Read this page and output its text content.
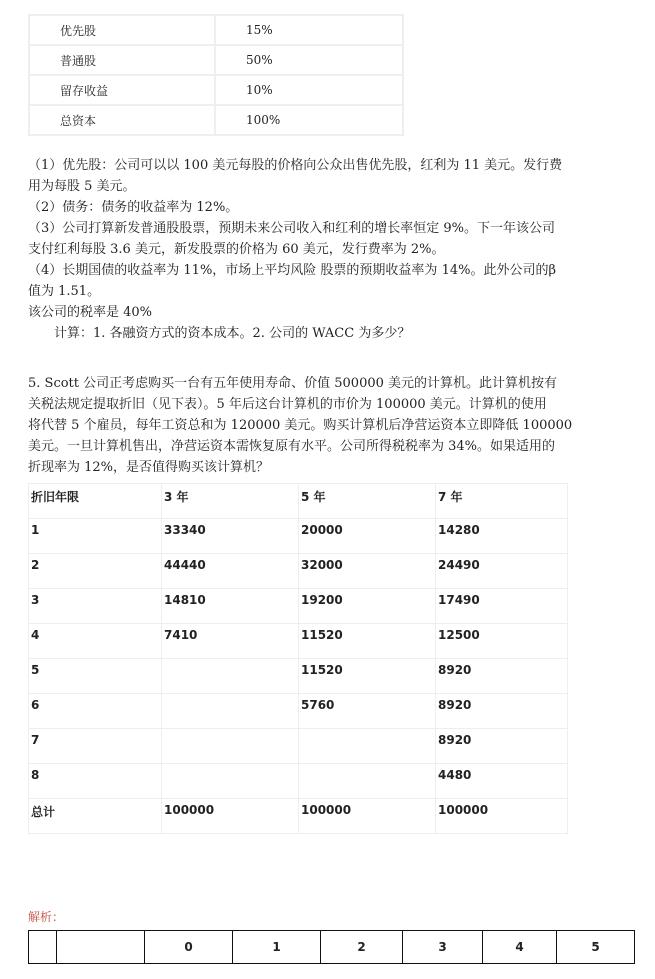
优先股	15%
普通股	50%
留存收益	10%
总资本	100%
（1）优先股：公司可以以 100 美元每股的价格向公众出售优先股，红利为 11 美元。发行费
用为每股 5 美元。
（2）债务：债务的收益率为 12%。
（3）公司打算新发普通股股票，预期未来公司收入和红利的增长率恒定 9%。下一年该公司
支付红利每股 3.6 美元，新发股票的价格为 60 美元，发行费率为 2%。
（4）长期国债的收益率为 11%，市场上平均风险 股票的预期收益率为 14%。此外公司的β
值为 1.51。
该公司的税率是 40%
　　计算：1. 各融资方式的资本成本。2. 公司的 WACC 为多少？
5. Scott 公司正考虑购买一台有五年使用寿命、价值 500000 美元的计算机。此计算机按有
关税法规定提取折旧（见下表）。5 年后这台计算机的市价为 100000 美元。计算机的使用
将代替 5 个雇员，每年工资总和为 120000 美元。购买计算机后净营运资本立即降低 100000
美元。一旦计算机售出，净营运资本需恢复原有水平。公司所得税税率为 34%。如果适用的
折现率为 12%，是否值得购买该计算机？
折旧年限	3 年	5 年	7 年
1	33340	20000	14280
2	44440	32000	24490
3	14810	19200	17490
4	7410	11520	12500
5		11520	8920
6		5760	8920
7			8920
8			4480
总计	100000	100000	100000
解析：
		0	1	2	3	4	5
